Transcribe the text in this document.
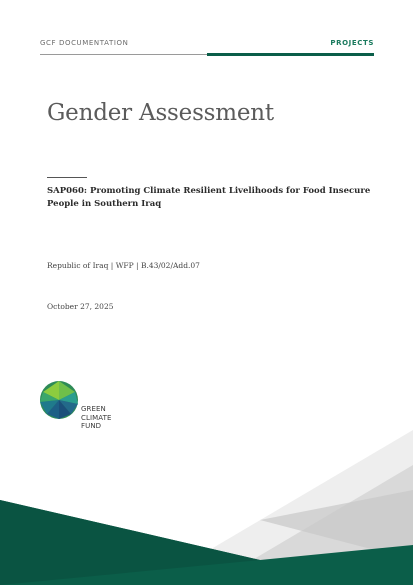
GCF DOCUMENTATION	PROJECTS
Gender Assessment
SAP060: Promoting Climate Resilient Livelihoods for Food Insecure People in Southern Iraq
Republic of Iraq | WFP | B.43/02/Add.07
October 27, 2025
GREEN
CLIMATE
FUND
